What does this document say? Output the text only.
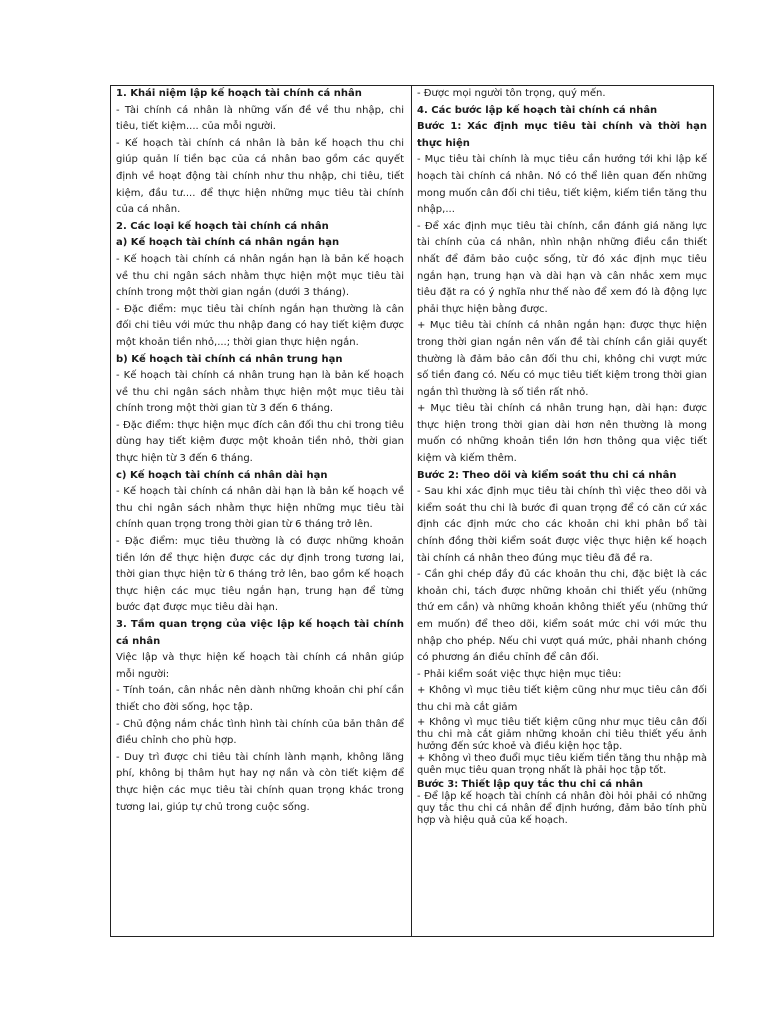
1. Khái niệm lập kế hoạch tài chính cá nhân

- Tài chính cá nhân là những vấn đề về thu nhập, chi tiêu, tiết kiệm.... của mỗi người.

- Kế hoạch tài chính cá nhân là bản kế hoạch thu chi giúp quản lí tiền bạc của cá nhân bao gồm các quyết định về hoạt động tài chính như thu nhập, chi tiêu, tiết kiệm, đầu tư.... để thực hiện những mục tiêu tài chính của cá nhân.

2. Các loại kế hoạch tài chính cá nhân

a) Kế hoạch tài chính cá nhân ngắn hạn

- Kế hoạch tài chính cá nhân ngắn hạn là bản kế hoạch về thu chi ngân sách nhằm thực hiện một mục tiêu tài chính trong một thời gian ngắn (dưới 3 tháng).

- Đặc điểm: mục tiêu tài chính ngắn hạn thường là cân đối chi tiêu với mức thu nhập đang có hay tiết kiệm được một khoản tiền nhỏ,...; thời gian thực hiện ngắn.

b) Kế hoạch tài chính cá nhân trung hạn

- Kế hoạch tài chính cá nhân trung hạn là bản kế hoạch về thu chi ngân sách nhằm thực hiện một mục tiêu tài chính trong một thời gian từ 3 đến 6 tháng.

- Đặc điểm: thực hiện mục đích cân đối thu chi trong tiêu dùng hay tiết kiệm được một khoản tiền nhỏ, thời gian thực hiện từ 3 đến 6 tháng.

c) Kế hoạch tài chính cá nhân dài hạn

- Kế hoạch tài chính cá nhân dài hạn là bản kế hoạch về thu chi ngân sách nhằm thực hiện những mục tiêu tài chính quan trọng trong thời gian từ 6 tháng trở lên.

- Đặc điểm: mục tiêu thường là có được những khoản tiền lớn để thực hiện được các dự định trong tương lai, thời gian thực hiện từ 6 tháng trở lên, bao gồm kế hoạch thực hiện các mục tiêu ngắn hạn, trung hạn để từng bước đạt được mục tiêu dài hạn.

3. Tầm quan trọng của việc lập kế hoạch tài chính cá nhân

Việc lập và thực hiện kế hoạch tài chính cá nhân giúp mỗi người:

- Tính toán, cân nhắc nên dành những khoản chi phí cần thiết cho đời sống, học tập.

- Chủ động nắm chắc tình hình tài chính của bản thân để điều chỉnh cho phù hợp.

- Duy trì được chi tiêu tài chính lành mạnh, không lãng phí, không bị thâm hụt hay nợ nần và còn tiết kiệm để thực hiện các mục tiêu tài chính quan trọng khác trong tương lai, giúp tự chủ trong cuộc sống.

- Được mọi người tôn trọng, quý mến.

4. Các bước lập kế hoạch tài chính cá nhân

Bước 1: Xác định mục tiêu tài chính và thời hạn thực hiện

- Mục tiêu tài chính là mục tiêu cần hướng tới khi lập kế hoạch tài chính cá nhân. Nó có thể liên quan đến những mong muốn cân đối chi tiêu, tiết kiệm, kiếm tiền tăng thu nhập,...

- Để xác định mục tiêu tài chính, cần đánh giá năng lực tài chính của cá nhân, nhìn nhận những điều cần thiết nhất để đảm bảo cuộc sống, từ đó xác định mục tiêu ngắn hạn, trung hạn và dài hạn và cân nhắc xem mục tiêu đặt ra có ý nghĩa như thế nào để xem đó là động lực phải thực hiện bằng được.

+ Mục tiêu tài chính cá nhân ngắn hạn: được thực hiện trong thời gian ngắn nên vấn đề tài chính cần giải quyết thường là đảm bảo cân đối thu chi, không chi vượt mức số tiền đang có. Nếu có mục tiêu tiết kiệm trong thời gian ngắn thì thường là số tiền rất nhỏ.

+ Mục tiêu tài chính cá nhân trung hạn, dài hạn: được thực hiện trong thời gian dài hơn nên thường là mong muốn có những khoản tiền lớn hơn thông qua việc tiết kiệm và kiếm thêm.

Bước 2: Theo dõi và kiểm soát thu chi cá nhân

- Sau khi xác định mục tiêu tài chính thì việc theo dõi và kiểm soát thu chi là bước đi quan trọng để có căn cứ xác định các định mức cho các khoản chi khi phân bổ tài chính đồng thời kiểm soát được việc thực hiện kế hoạch tài chính cá nhân theo đúng mục tiêu đã đề ra.

- Cần ghi chép đầy đủ các khoản thu chi, đặc biệt là các khoản chi, tách được những khoản chi thiết yếu (những thứ em cần) và những khoản không thiết yếu (những thứ em muốn) để theo dõi, kiểm soát mức chi với mức thu nhập cho phép. Nếu chi vượt quá mức, phải nhanh chóng có phương án điều chỉnh để cân đối.

- Phải kiểm soát việc thực hiện mục tiêu:

+ Không vì mục tiêu tiết kiệm cũng như mục tiêu cân đối thu chi mà cắt giảm

+ Không vì mục tiêu tiết kiệm cũng như mục tiêu cân đối thu chi mà cắt giảm những khoản chi tiêu thiết yếu ảnh hưởng đến sức khoẻ và điều kiện học tập.

+ Không vì theo đuổi mục tiêu kiếm tiền tăng thu nhập mà quên mục tiêu quan trọng nhất là phải học tập tốt.

Bước 3: Thiết lập quy tắc thu chi cá nhân

- Để lập kế hoạch tài chính cá nhân đòi hỏi phải có những quy tắc thu chi cá nhân để định hướng, đảm bảo tính phù hợp và hiệu quả của kế hoạch.
